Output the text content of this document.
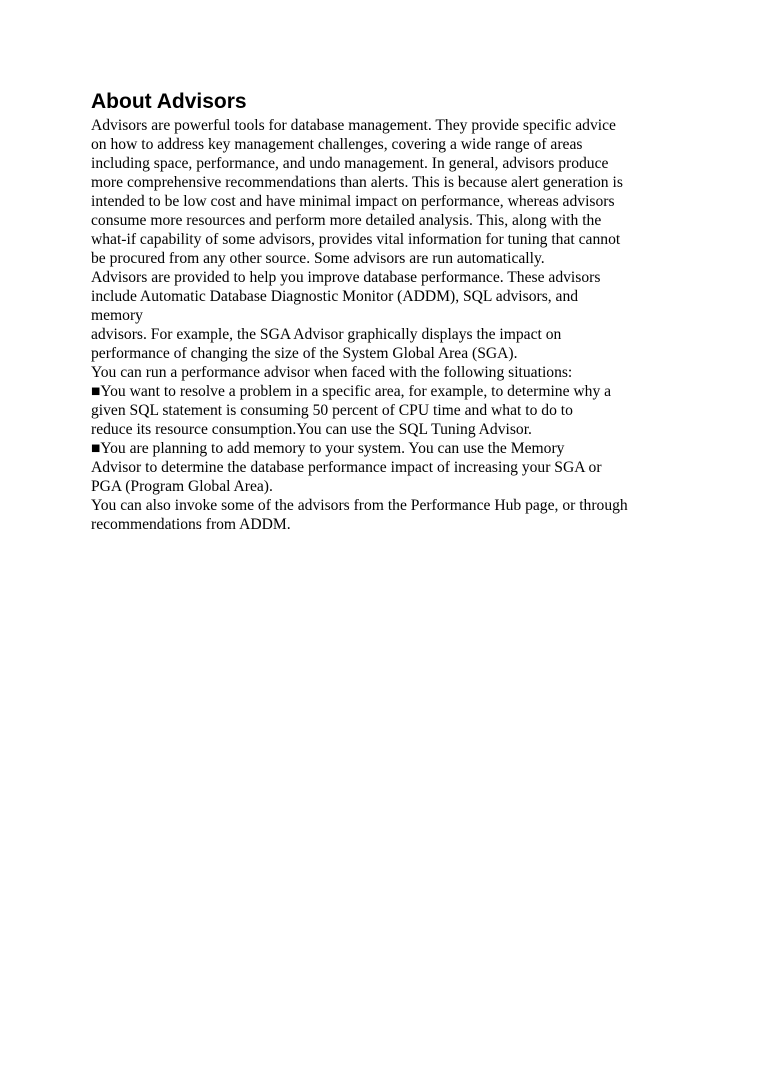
About Advisors

Advisors are powerful tools for database management. They provide specific advice

on how to address key management challenges, covering a wide range of areas

including space, performance, and undo management. In general, advisors produce

more comprehensive recommendations than alerts. This is because alert generation is

intended to be low cost and have minimal impact on performance, whereas advisors

consume more resources and perform more detailed analysis. This, along with the

what-if capability of some advisors, provides vital information for tuning that cannot

be procured from any other source. Some advisors are run automatically.

Advisors are provided to help you improve database performance. These advisors

include Automatic Database Diagnostic Monitor (ADDM), SQL advisors, and

memory

advisors. For example, the SGA Advisor graphically displays the impact on

performance of changing the size of the System Global Area (SGA).

You can run a performance advisor when faced with the following situations:

■You want to resolve a problem in a specific area, for example, to determine why a

given SQL statement is consuming 50 percent of CPU time and what to do to

reduce its resource consumption.You can use the SQL Tuning Advisor.

■You are planning to add memory to your system. You can use the Memory

Advisor to determine the database performance impact of increasing your SGA or

PGA (Program Global Area).

You can also invoke some of the advisors from the Performance Hub page, or through

recommendations from ADDM.
